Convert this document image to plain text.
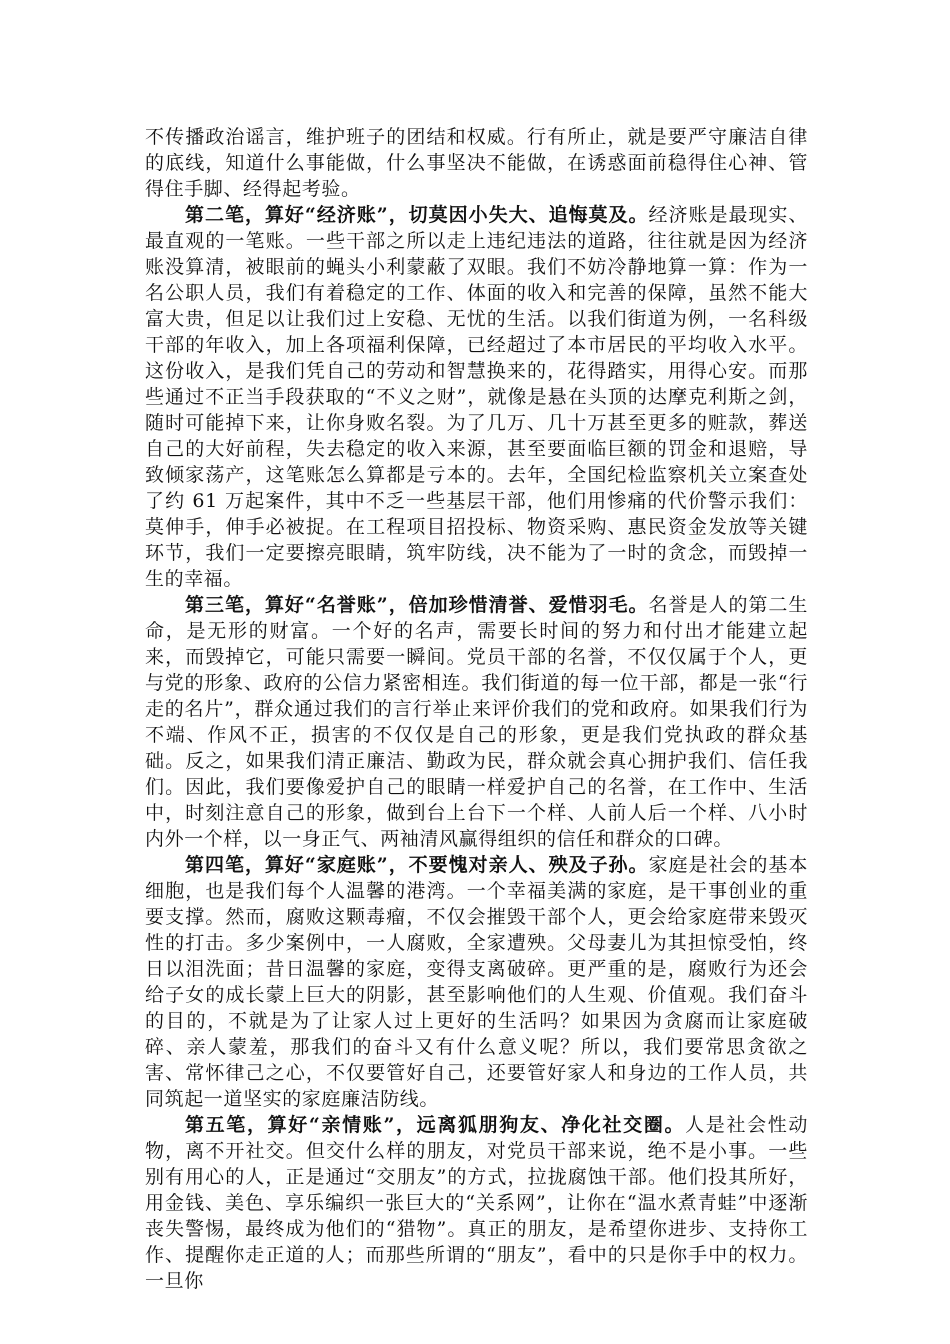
不传播政治谣言，维护班子的团结和权威。行有所止，就是要严守廉洁自律的底线，知道什么事能做，什么事坚决不能做，在诱惑面前稳得住心神、管得住手脚、经得起考验。

第二笔，算好“经济账”，切莫因小失大、追悔莫及。经济账是最现实、最直观的一笔账。一些干部之所以走上违纪违法的道路，往往就是因为经济账没算清，被眼前的蝇头小利蒙蔽了双眼。我们不妨冷静地算一算：作为一名公职人员，我们有着稳定的工作、体面的收入和完善的保障，虽然不能大富大贵，但足以让我们过上安稳、无忧的生活。以我们街道为例，一名科级干部的年收入，加上各项福利保障，已经超过了本市居民的平均收入水平。这份收入，是我们凭自己的劳动和智慧换来的，花得踏实，用得心安。而那些通过不正当手段获取的“不义之财”，就像是悬在头顶的达摩克利斯之剑，随时可能掉下来，让你身败名裂。为了几万、几十万甚至更多的赃款，葬送自己的大好前程，失去稳定的收入来源，甚至要面临巨额的罚金和退赔，导致倾家荡产，这笔账怎么算都是亏本的。去年，全国纪检监察机关立案查处了约 61 万起案件，其中不乏一些基层干部，他们用惨痛的代价警示我们：莫伸手，伸手必被捉。在工程项目招投标、物资采购、惠民资金发放等关键环节，我们一定要擦亮眼睛，筑牢防线，决不能为了一时的贪念，而毁掉一生的幸福。

第三笔，算好“名誉账”，倍加珍惜清誉、爱惜羽毛。名誉是人的第二生命，是无形的财富。一个好的名声，需要长时间的努力和付出才能建立起来，而毁掉它，可能只需要一瞬间。党员干部的名誉，不仅仅属于个人，更与党的形象、政府的公信力紧密相连。我们街道的每一位干部，都是一张“行走的名片”，群众通过我们的言行举止来评价我们的党和政府。如果我们行为不端、作风不正，损害的不仅仅是自己的形象，更是我们党执政的群众基础。反之，如果我们清正廉洁、勤政为民，群众就会真心拥护我们、信任我们。因此，我们要像爱护自己的眼睛一样爱护自己的名誉，在工作中、生活中，时刻注意自己的形象，做到台上台下一个样、人前人后一个样、八小时内外一个样，以一身正气、两袖清风赢得组织的信任和群众的口碑。

第四笔，算好“家庭账”，不要愧对亲人、殃及子孙。家庭是社会的基本细胞，也是我们每个人温馨的港湾。一个幸福美满的家庭，是干事创业的重要支撑。然而，腐败这颗毒瘤，不仅会摧毁干部个人，更会给家庭带来毁灭性的打击。多少案例中，一人腐败，全家遭殃。父母妻儿为其担惊受怕，终日以泪洗面；昔日温馨的家庭，变得支离破碎。更严重的是，腐败行为还会给子女的成长蒙上巨大的阴影，甚至影响他们的人生观、价值观。我们奋斗的目的，不就是为了让家人过上更好的生活吗？如果因为贪腐而让家庭破碎、亲人蒙羞，那我们的奋斗又有什么意义呢？所以，我们要常思贪欲之害、常怀律己之心，不仅要管好自己，还要管好家人和身边的工作人员，共同筑起一道坚实的家庭廉洁防线。

第五笔，算好“亲情账”，远离狐朋狗友、净化社交圈。人是社会性动物，离不开社交。但交什么样的朋友，对党员干部来说，绝不是小事。一些别有用心的人，正是通过“交朋友”的方式，拉拢腐蚀干部。他们投其所好，用金钱、美色、享乐编织一张巨大的“关系网”，让你在“温水煮青蛙”中逐渐丧失警惕，最终成为他们的“猎物”。真正的朋友，是希望你进步、支持你工作、提醒你走正道的人；而那些所谓的“朋友”，看中的只是你手中的权力。一旦你
